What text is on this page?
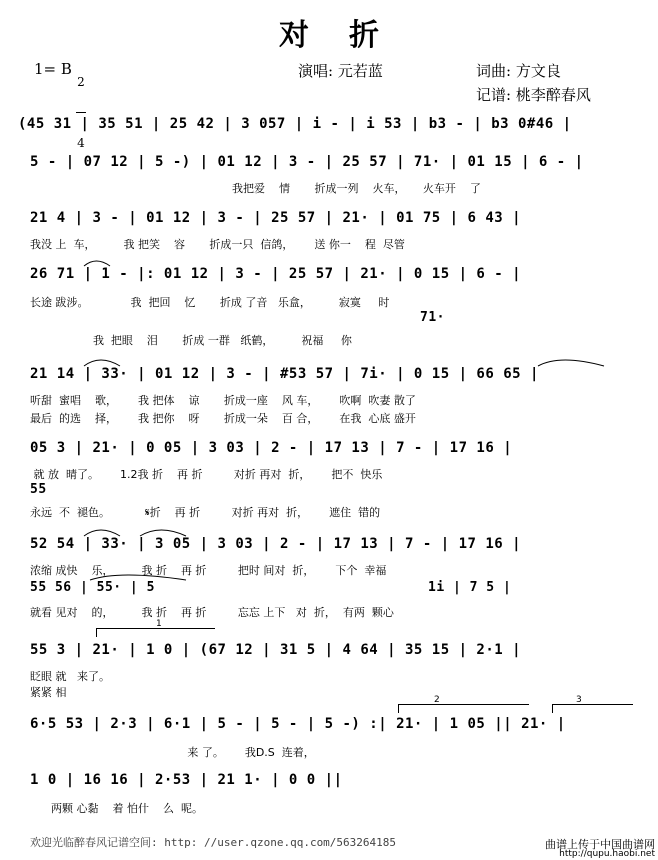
对折
1= B

2

4

演唱: 元若蓝	词曲: 方文良
记谱: 桃李醉春风
(45 31 | 35 51 | 25 42 | 3 057 | i - | i 53 | b3 - | b3 0#46 |
5 - | 07 12 | 5 -) | 01 12 | 3 - | 25 57 | 71· | 01 15 | 6 - |
我把爱    情       折成一列    火车，     火车开    了
21 4 | 3 - | 01 12 | 3 - | 25 57 | 21· | 01 75 | 6 43 |
我没 上  车，        我 把笑    容       折成一只  信鸽，      送 你一    程  尽管
26 71 | 1 - |: 01 12 | 3 - | 25 57 | 21· | 0 15 | 6 - |
长途 跋涉。            我  把回    忆       折成 了音   乐盒，        寂寞     时
71·
我  把眼    泪       折成 一群   纸鹤，        祝福     你
21 14 | 33· | 01 12 | 3 - | #53 57 | 7i· | 0 15 | 66 65 |
听甜  蜜唱    歌，      我 把体    谅       折成一座    风 车，      吹啊  吹妻 散了
最后  的选    择，      我 把你    呀       折成一朵    百 合，      在我  心底 盛开
05 3 | 21· | 0 05 | 3 03 | 2 - | 17 13 | 7 - | 17 16 |
就 放  晴了。      1.2我 折    再 折         对折 再对  折，      把不  快乐
55
永远  不  褪色。          𝄋折    再 折         对折 再对  折，      遮住  错的
52 54 | 33· | 3 05 | 3 03 | 2 - | 17 13 | 7 - | 17 16 |
浓缩 成快    乐，        我 折    再 折         把时 间对  折，      下个  幸福
55 56 | 55· | 5	1i | 7 5 |
就看 见对    的，        我 折    再 折         忘忘 上下   对  折，  有两  颗心
1
55 3 | 21· | 1 0 | (67 12 | 31 5 | 4 64 | 35 15 | 2·1 |
眨眼 就   来了。
紧紧 相
2	3
6·5 53 | 2·3 | 6·1 | 5 - | 5 - | 5 -) :| 21· | 1 05 || 21· |
来 了。      我D.S  连着，
1 0 | 16 16 | 2·53 | 21 1· | 0 0 ||
两颗 心黏    着 怕什    么  呢。
欢迎光临醉春风记谱空间: http: //user.qzone.qq.com/563264185	曲谱上传于中国曲谱网
http://qupu.haobi.net
